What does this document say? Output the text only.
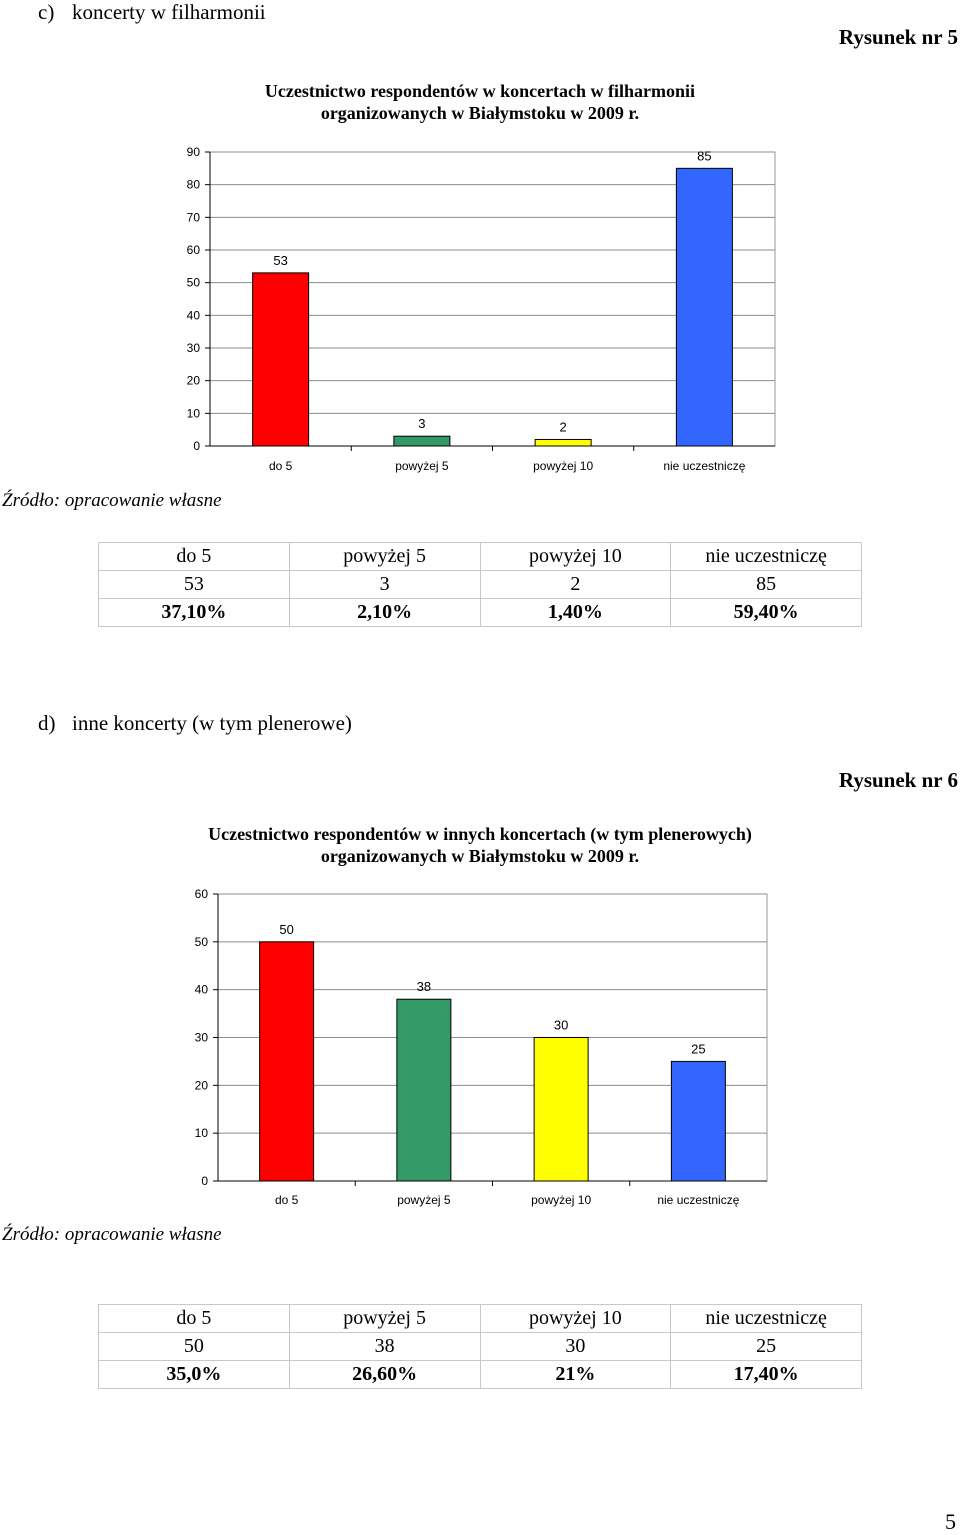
c) koncerty w filharmonii
Rysunek nr 5
Uczestnictwo respondentów w koncertach w filharmonii
organizowanych w Białymstoku w 2009 r.
0
10
20
30
40
50
60
70
80
90
53
do 5
3
powyżej 5
2
powyżej 10
85
nie uczestniczę
Źródło: opracowanie własne
do 5	powyżej 5	powyżej 10	nie uczestniczę
53	3	2	85
37,10%	2,10%	1,40%	59,40%
d) inne koncerty (w tym plenerowe)
Rysunek nr 6
Uczestnictwo respondentów w innych koncertach (w tym plenerowych)
organizowanych w Białymstoku w 2009 r.
0
10
20
30
40
50
60
50
do 5
38
powyżej 5
30
powyżej 10
25
nie uczestniczę
Źródło: opracowanie własne
do 5	powyżej 5	powyżej 10	nie uczestniczę
50	38	30	25
35,0%	26,60%	21%	17,40%
5
